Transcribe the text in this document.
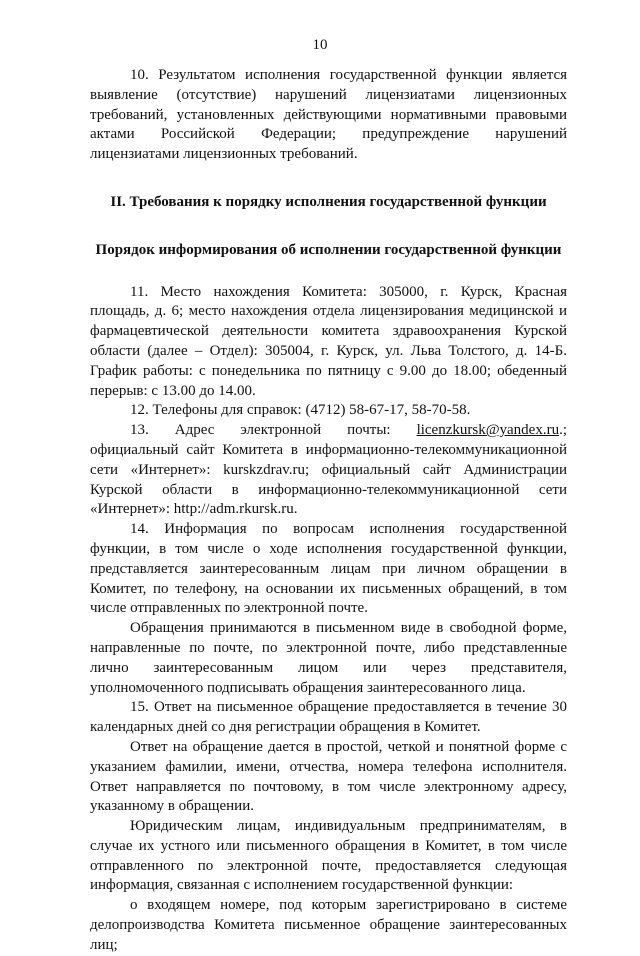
10

10. Результатом исполнения государственной функции является выявление (отсутствие) нарушений лицензиатами лицензионных требований, установленных действующими нормативными правовыми актами Российской Федерации; предупреждение нарушений лицензиатами лицензионных требований.

II. Требования к порядку исполнения государственной функции
Порядок информирования об исполнении государственной функции

11. Место нахождения Комитета: 305000, г. Курск, Красная площадь, д. 6; место нахождения отдела лицензирования медицинской и фармацевтической деятельности комитета здравоохранения Курской области (далее – Отдел): 305004, г. Курск, ул. Льва Толстого, д. 14-Б. График работы: с понедельника по пятницу с 9.00 до 18.00; обеденный перерыв: с 13.00 до 14.00.

12. Телефоны для справок: (4712) 58-67-17, 58-70-58.

13. Адрес электронной почты: licenzkursk@yandex.ru.; официальный сайт Комитета в информационно-телекоммуникационной сети «Интернет»: kurskzdrav.ru; официальный сайт Администрации Курской области в информационно-телекоммуникационной сети «Интернет»: http://adm.rkursk.ru.

14. Информация по вопросам исполнения государственной функции, в том числе о ходе исполнения государственной функции, представляется заинтересованным лицам при личном обращении в Комитет, по телефону, на основании их письменных обращений, в том числе отправленных по электронной почте.

Обращения принимаются в письменном виде в свободной форме, направленные по почте, по электронной почте, либо представленные лично заинтересованным лицом или через представителя, уполномоченного подписывать обращения заинтересованного лица.

15. Ответ на письменное обращение предоставляется в течение 30 календарных дней со дня регистрации обращения в Комитет.

Ответ на обращение дается в простой, четкой и понятной форме с указанием фамилии, имени, отчества, номера телефона исполнителя. Ответ направляется по почтовому, в том числе электронному адресу, указанному в обращении.

Юридическим лицам, индивидуальным предпринимателям, в случае их устного или письменного обращения в Комитет, в том числе отправленного по электронной почте, предоставляется следующая информация, связанная с исполнением государственной функции:

о входящем номере, под которым зарегистрировано в системе делопроизводства Комитета письменное обращение заинтересованных лиц;
